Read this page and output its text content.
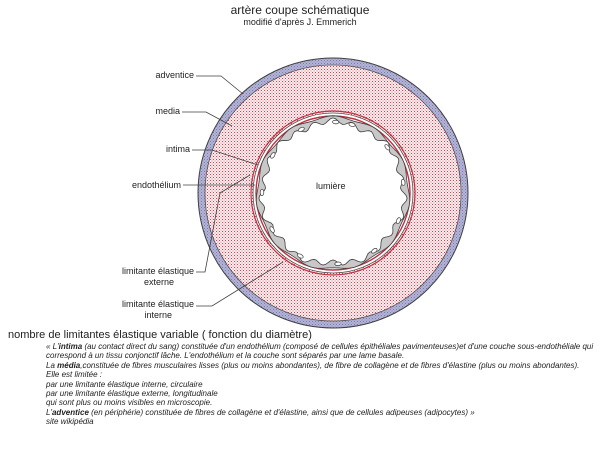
artère coupe schématique
modifié d'après J. Emmerich
adventice
media
intima
endothélium	lumière
limitante élastique
externe
limitante élastique
interne
nombre de limitantes élastique variable ( fonction du diamètre)

« L'intima (au contact direct du sang) constituée d'un endothélium (composé de cellules épithéliales pavimenteuses)et d'une couche sous-endothéliale qui correspond à un tissu conjonctif lâche. L'endothélium et la couche sont séparés par une lame basale.

La média,constituée de fibres musculaires lisses (plus ou moins abondantes), de fibre de collagène et de fibres d'élastine (plus ou moins abondantes). Elle est limitée :

par une limitante élastique interne, circulaire

par une limitante élastique externe, longitudinale

qui sont plus ou moins visibles en microscopie.

L'adventice (en périphérie) constituée de fibres de collagène et d'élastine, ainsi que de cellules adipeuses (adipocytes) »

site wikipédia
